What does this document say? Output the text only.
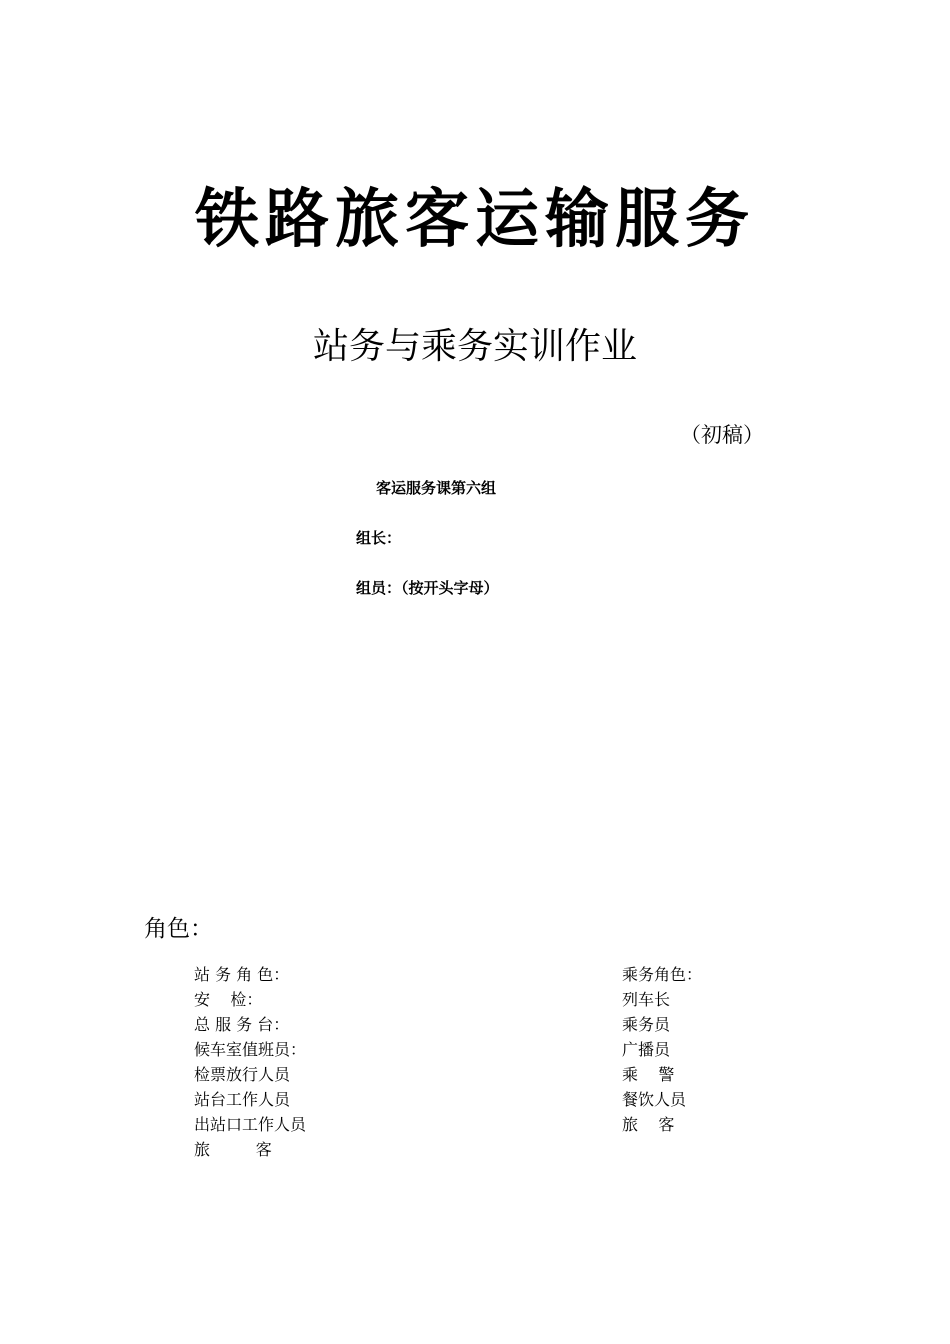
铁路旅客运输服务
站务与乘务实训作业
（初稿）
客运服务课第六组
组长：
组员：（按开头字母）
角色：
站 务 角 色：
安    检：
总 服 务 台：
候车室值班员：
检票放行人员
站台工作人员
出站口工作人员
旅         客
乘务角色：
列车长
乘务员
广播员
乘    警
餐饮人员
旅    客
